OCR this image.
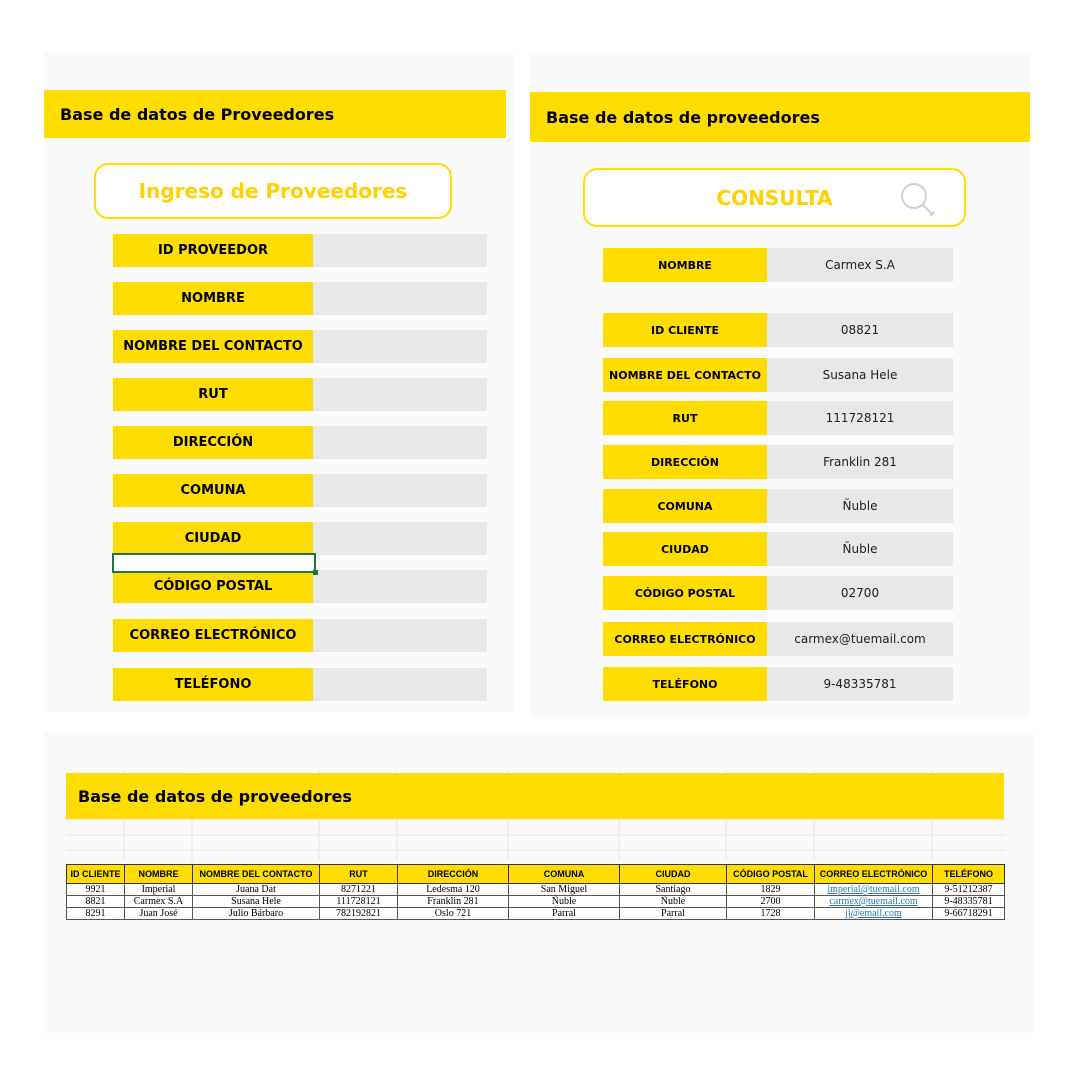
Base de datos de Proveedores
Ingreso de Proveedores
ID PROVEEDOR
NOMBRE
NOMBRE DEL CONTACTO
RUT
DIRECCIÓN
COMUNA
CIUDAD
CÓDIGO POSTAL
CORREO ELECTRÓNICO
TELÉFONO
Base de datos de proveedores
CONSULTA
NOMBRE	Carmex S.A
ID CLIENTE	08821
NOMBRE DEL CONTACTO	Susana Hele
RUT	111728121
DIRECCIÓN	Franklin 281
COMUNA	Ñuble
CIUDAD	Ñuble
CÓDIGO POSTAL	02700
CORREO ELECTRÓNICO	carmex@tuemail.com
TELÉFONO	9-48335781
Base de datos de proveedores
ID CLIENTE	NOMBRE	NOMBRE DEL CONTACTO	RUT	DIRECCIÓN	COMUNA	CIUDAD	CÓDIGO POSTAL	CORREO ELECTRÓNICO	TELÉFONO
9921	Imperial	Juana Dat	8271221	Ledesma 120	San Miguel	Santiago	1829	imperial@tuemail.com	9-51212387
8821	Carmex S.A	Susana Hele	111728121	Franklin 281	Ñuble	Ñuble	2700	carmex@tuemail.com	9-48335781
8291	Juan José	Julio Bárbaro	782192821	Oslo 721	Parral	Parral	1728	jj@email.com	9-66718291
